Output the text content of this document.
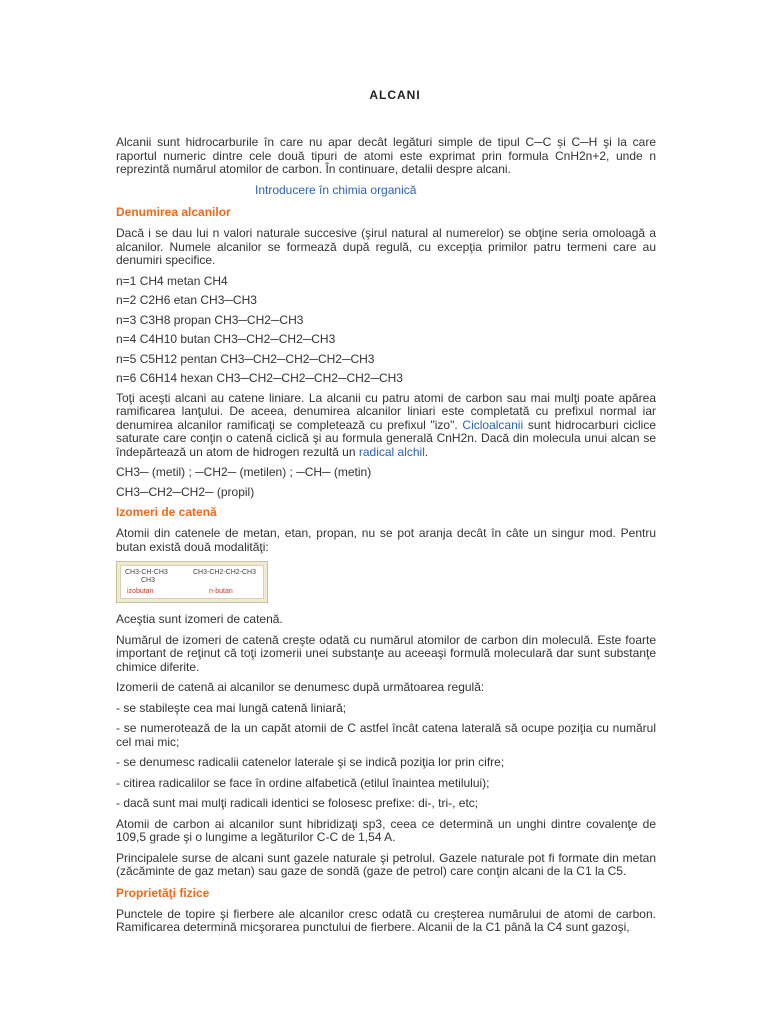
ALCANI

Alcanii sunt hidrocarburile în care nu apar decât legături simple de tipul C─C și C─H şi la care raportul numeric dintre cele două tipuri de atomi este exprimat prin formula CnH2n+2, unde n reprezintă numărul atomilor de carbon. În continuare, detalii despre alcani.

Introducere în chimia organică
Denumirea alcanilor

Dacă i se dau lui n valori naturale succesive (şirul natural al numerelor) se obţine seria omoloagă a alcanilor. Numele alcanilor se formează după regulă, cu excepţia primilor patru termeni care au denumiri specifice.

n=1 CH4 metan CH4

n=2 C2H6 etan CH3─CH3

n=3 C3H8 propan CH3─CH2─CH3

n=4 C4H10 butan CH3─CH2─CH2─CH3

n=5 C5H12 pentan CH3─CH2─CH2─CH2─CH3

n=6 C6H14 hexan CH3─CH2─CH2─CH2─CH2─CH3

Toţi aceşti alcani au catene liniare. La alcanii cu patru atomi de carbon sau mai mulţi poate apărea ramificarea lanţului. De aceea, denumirea alcanilor liniari este completată cu prefixul normal iar denumirea alcanilor ramificaţi se completează cu prefixul "izo". Cicloalcanii sunt hidrocarburi ciclice saturate care conţin o catenă ciclică şi au formula generală CnH2n. Dacă din molecula unui alcan se îndepărtează un atom de hidrogen rezultă un radical alchil.

CH3─ (metil) ; ─CH2─ (metilen) ; ─CH─ (metin)

CH3─CH2─CH2─ (propil)

Izomeri de catenă

Atomii din catenele de metan, etan, propan, nu se pot aranja decât în câte un singur mod. Pentru butan există două modalităţi:

CH3-CH-CH3
CH3
CH3-CH2-CH2-CH3
izobutan	n-butan

Aceştia sunt izomeri de catenă.

Numărul de izomeri de catenă creşte odată cu numărul atomilor de carbon din moleculă. Este foarte important de reţinut că toţi izomerii unei substanţe au aceeaşi formulă moleculară dar sunt substanţe chimice diferite.

Izomerii de catenă ai alcanilor se denumesc după următoarea regulă:

- se stabileşte cea mai lungă catenă liniară;

- se numerotează de la un capăt atomii de C astfel încât catena laterală să ocupe poziţia cu numărul cel mai mic;

- se denumesc radicalii catenelor laterale şi se indică poziţia lor prin cifre;

- citirea radicalilor se face în ordine alfabetică (etilul înaintea metilului);

- dacă sunt mai mulţi radicali identici se folosesc prefixe: di-, tri-, etc;

Atomii de carbon ai alcanilor sunt hibridizaţi sp3, ceea ce determină un unghi dintre covalenţe de 109,5 grade şi o lungime a legăturilor C-C de 1,54 A.

Principalele surse de alcani sunt gazele naturale şi petrolul. Gazele naturale pot fi formate din metan (zăcăminte de gaz metan) sau gaze de sondă (gaze de petrol) care conţin alcani de la C1 la C5.

Proprietăţi fizice

Punctele de topire şi fierbere ale alcanilor cresc odată cu creşterea numărului de atomi de carbon. Ramificarea determină micşorarea punctului de fierbere. Alcanii de la C1 până la C4 sunt gazoşi,
